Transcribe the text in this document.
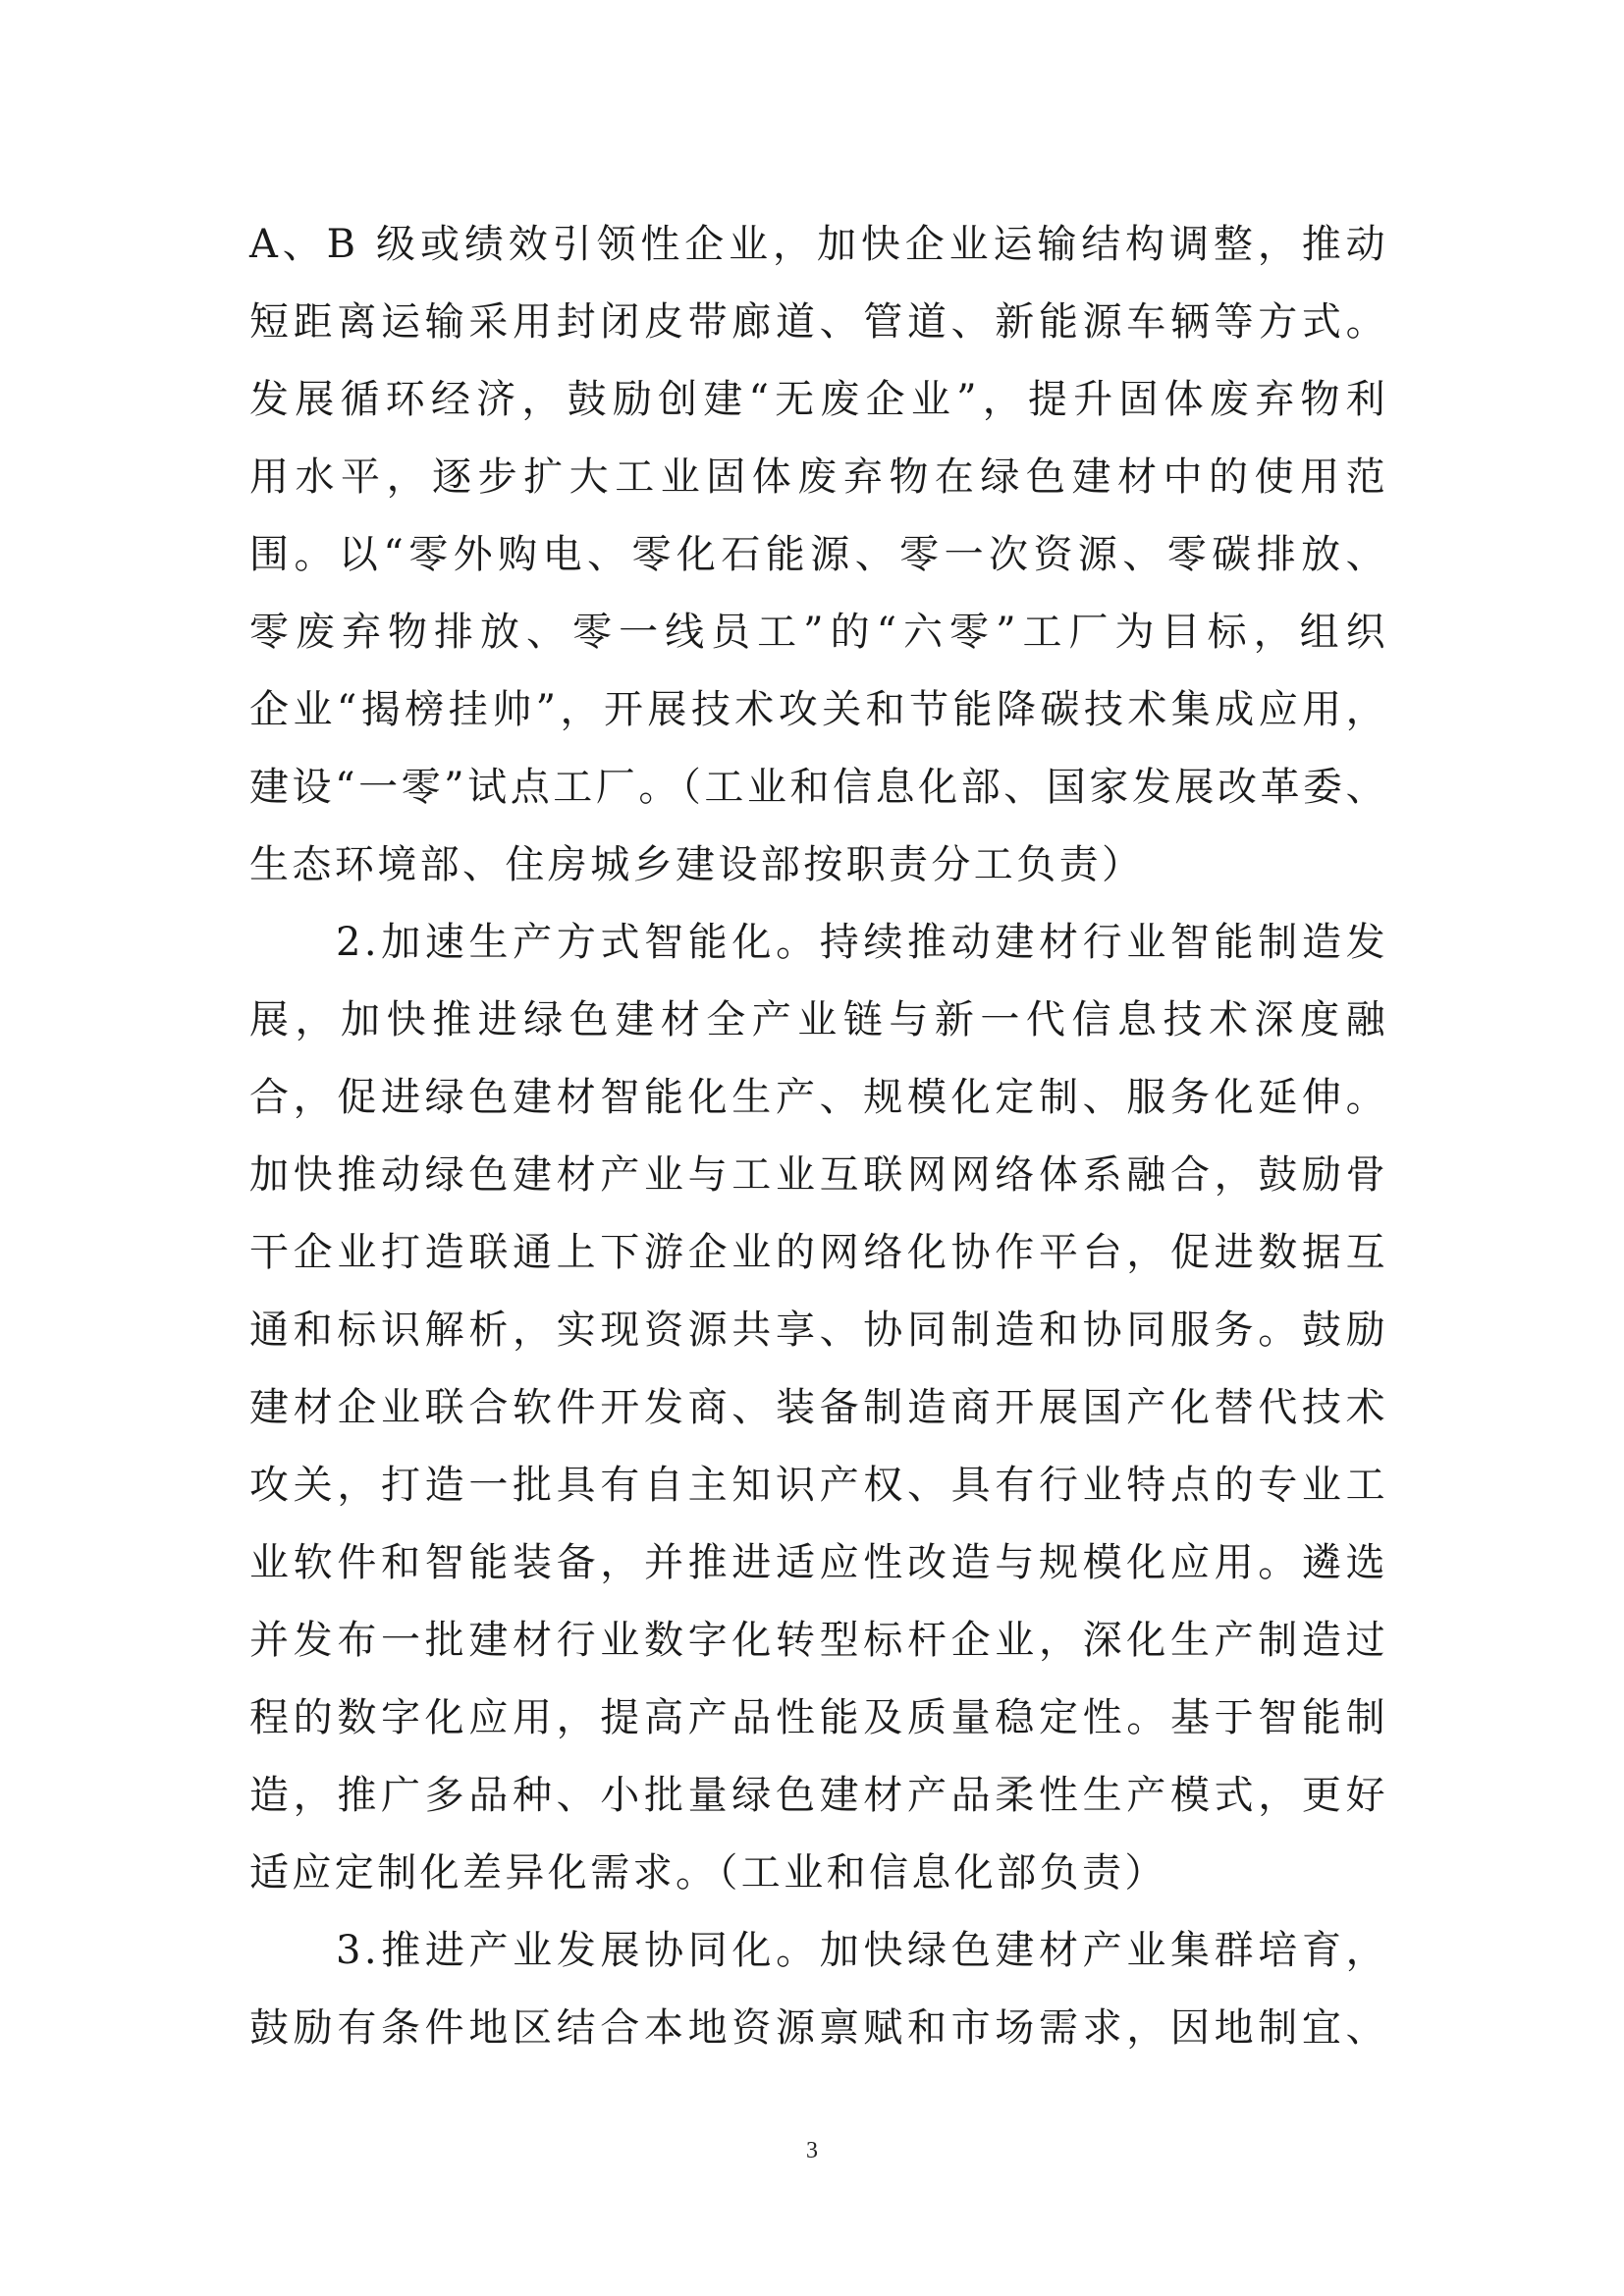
A、B 级或绩效引领性企业，加快企业运输结构调整，推动
短距离运输采用封闭皮带廊道、管道、新能源车辆等方式。
发展循环经济，鼓励创建“无废企业”，提升固体废弃物利
用水平，逐步扩大工业固体废弃物在绿色建材中的使用范
围。以“零外购电、零化石能源、零一次资源、零碳排放、
零废弃物排放、零一线员工”的“六零”工厂为目标，组织
企业“揭榜挂帅”，开展技术攻关和节能降碳技术集成应用，
建设“一零”试点工厂。（工业和信息化部、国家发展改革委、
生态环境部、住房城乡建设部按职责分工负责）
2.加速生产方式智能化。持续推动建材行业智能制造发
展，加快推进绿色建材全产业链与新一代信息技术深度融
合，促进绿色建材智能化生产、规模化定制、服务化延伸。
加快推动绿色建材产业与工业互联网网络体系融合，鼓励骨
干企业打造联通上下游企业的网络化协作平台，促进数据互
通和标识解析，实现资源共享、协同制造和协同服务。鼓励
建材企业联合软件开发商、装备制造商开展国产化替代技术
攻关，打造一批具有自主知识产权、具有行业特点的专业工
业软件和智能装备，并推进适应性改造与规模化应用。遴选
并发布一批建材行业数字化转型标杆企业，深化生产制造过
程的数字化应用，提高产品性能及质量稳定性。基于智能制
造，推广多品种、小批量绿色建材产品柔性生产模式，更好
适应定制化差异化需求。（工业和信息化部负责）
3.推进产业发展协同化。加快绿色建材产业集群培育，
鼓励有条件地区结合本地资源禀赋和市场需求，因地制宜、
3
